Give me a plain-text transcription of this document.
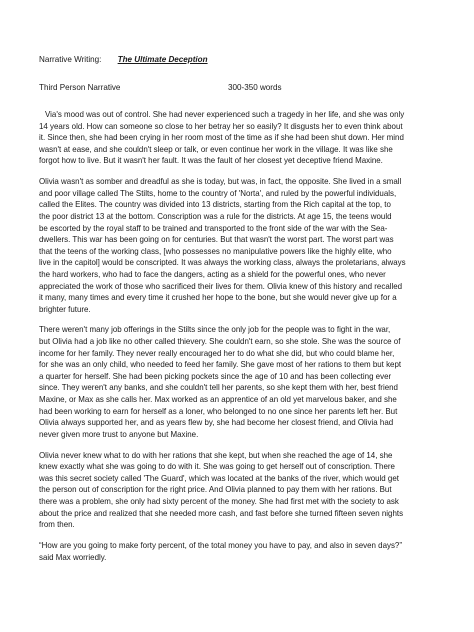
Narrative Writing: The Ultimate Deception
Third Person Narrative	300-350 words
Via's mood was out of control. She had never experienced such a tragedy in her life, and she was only
14 years old. How can someone so close to her betray her so easily? It disgusts her to even think about
it. Since then, she had been crying in her room most of the time as if she had been shut down. Her mind
wasn't at ease, and she couldn't sleep or talk, or even continue her work in the village. It was like she
forgot how to live. But it wasn't her fault. It was the fault of her closest yet deceptive friend Maxine.
Olivia wasn't as somber and dreadful as she is today, but was, in fact, the opposite. She lived in a small
and poor village called The Stilts, home to the country of 'Norta', and ruled by the powerful individuals,
called the Elites. The country was divided into 13 districts, starting from the Rich capital at the top, to
the poor district 13 at the bottom. Conscription was a rule for the districts. At age 15, the teens would
be escorted by the royal staff to be trained and transported to the front side of the war with the Sea-
dwellers. This war has been going on for centuries. But that wasn't the worst part. The worst part was
that the teens of the working class, [who possesses no manipulative powers like the highly elite, who
live in the capitol] would be conscripted. It was always the working class, always the proletarians, always
the hard workers, who had to face the dangers, acting as a shield for the powerful ones, who never
appreciated the work of those who sacrificed their lives for them. Olivia knew of this history and recalled
it many, many times and every time it crushed her hope to the bone, but she would never give up for a
brighter future.
There weren't many job offerings in the Stilts since the only job for the people was to fight in the war,
but Olivia had a job like no other called thievery. She couldn't earn, so she stole. She was the source of
income for her family. They never really encouraged her to do what she did, but who could blame her,
for she was an only child, who needed to feed her family. She gave most of her rations to them but kept
a quarter for herself. She had been picking pockets since the age of 10 and has been collecting ever
since. They weren't any banks, and she couldn't tell her parents, so she kept them with her, best friend
Maxine, or Max as she calls her. Max worked as an apprentice of an old yet marvelous baker, and she
had been working to earn for herself as a loner, who belonged to no one since her parents left her. But
Olivia always supported her, and as years flew by, she had become her closest friend, and Olivia had
never given more trust to anyone but Maxine.
Olivia never knew what to do with her rations that she kept, but when she reached the age of 14, she
knew exactly what she was going to do with it. She was going to get herself out of conscription. There
was this secret society called 'The Guard', which was located at the banks of the river, which would get
the person out of conscription for the right price. And Olivia planned to pay them with her rations. But
there was a problem, she only had sixty percent of the money. She had first met with the society to ask
about the price and realized that she needed more cash, and fast before she turned fifteen seven nights
from then.
“How are you going to make forty percent, of the total money you have to pay, and also in seven days?”
said Max worriedly.
